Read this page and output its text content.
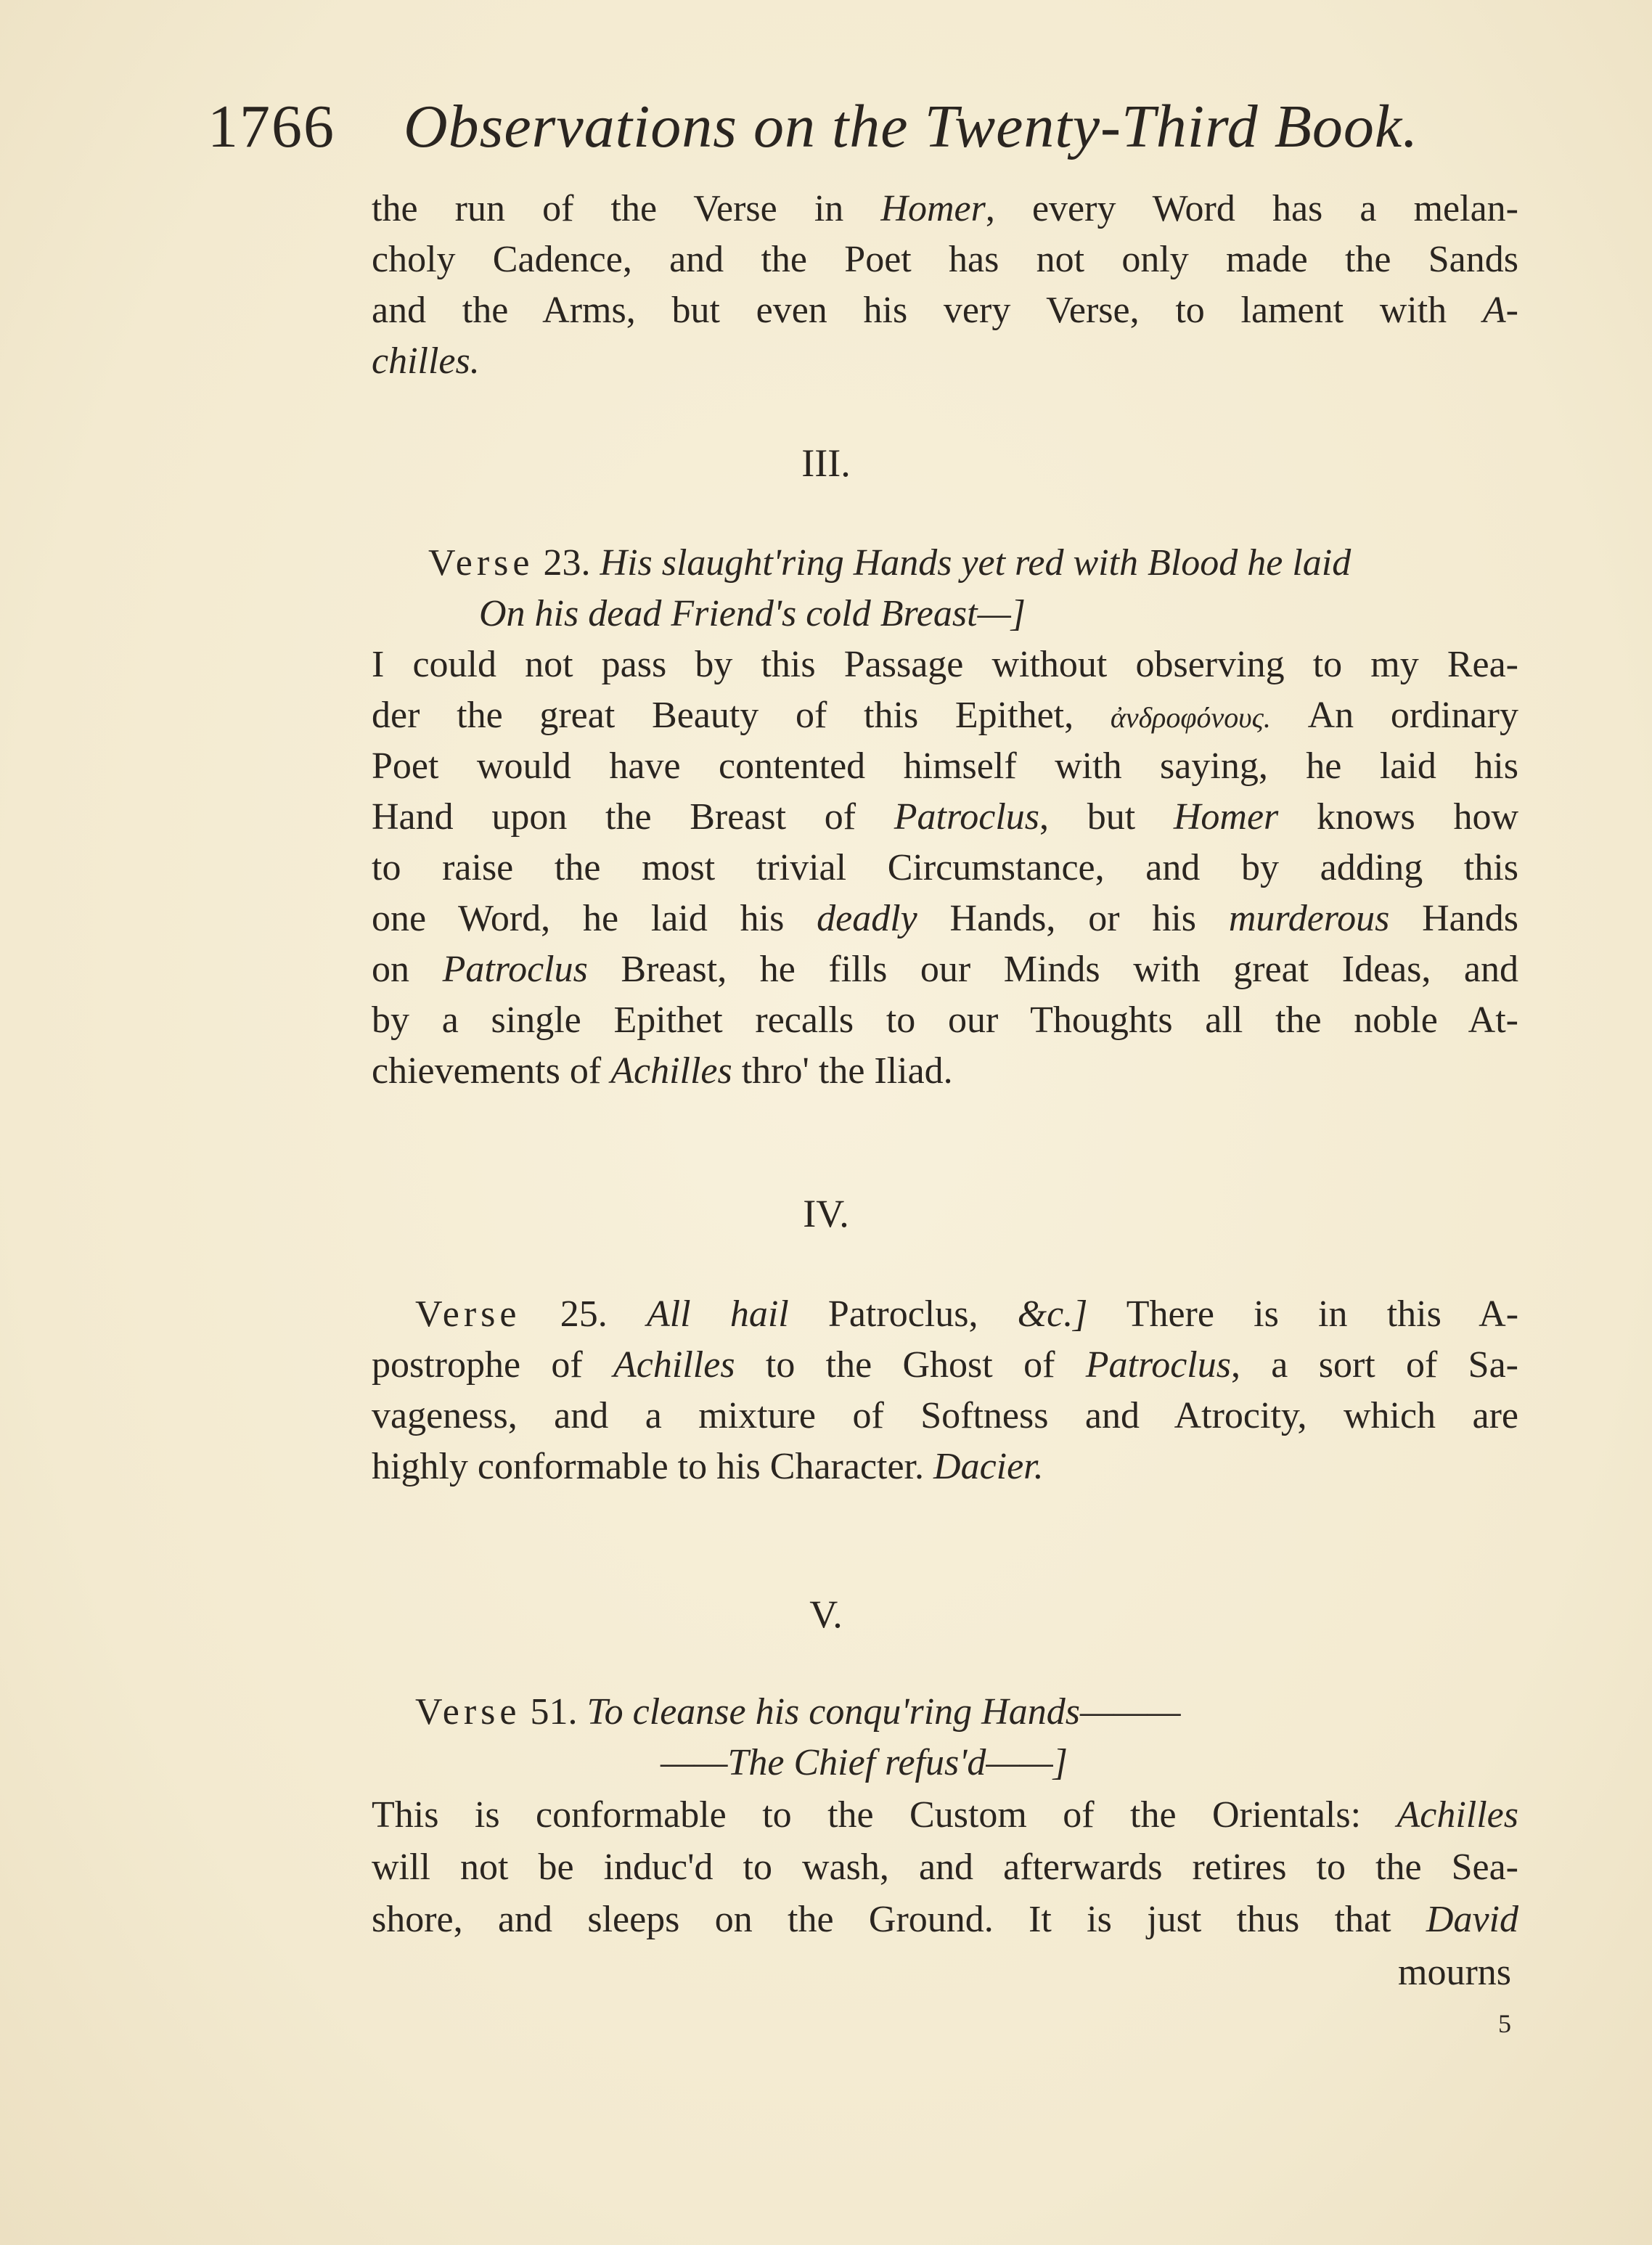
1766 Observations on the Twenty-Third Book.
the run of the Verse in Homer, every Word has a melan-
choly Cadence, and the Poet has not only made the Sands
and the Arms, but even his very Verse, to lament with A-
chilles.
III.
Verse 23. His slaught'ring Hands yet red with Blood he laid
On his dead Friend's cold Breast—]
I could not pass by this Passage without observing to my Rea-
der the great Beauty of this Epithet, ἀνδροφόνους. An ordinary
Poet would have contented himself with saying, he laid his
Hand upon the Breast of Patroclus, but Homer knows how
to raise the most trivial Circumstance, and by adding this
one Word, he laid his deadly Hands, or his murderous Hands
on Patroclus Breast, he fills our Minds with great Ideas, and
by a single Epithet recalls to our Thoughts all the noble At-
chievements of Achilles thro' the Iliad.
IV.
Verse 25. All hail Patroclus, &c.] There is in this A-
postrophe of Achilles to the Ghost of Patroclus, a sort of Sa-
vageness, and a mixture of Softness and Atrocity, which are
highly conformable to his Character. Dacier.
V.
Verse 51. To cleanse his conqu'ring Hands———
——The Chief refus'd——]
This is conformable to the Custom of the Orientals: Achilles
will not be induc'd to wash, and afterwards retires to the Sea-
shore, and sleeps on the Ground. It is just thus that David
mourns
5
